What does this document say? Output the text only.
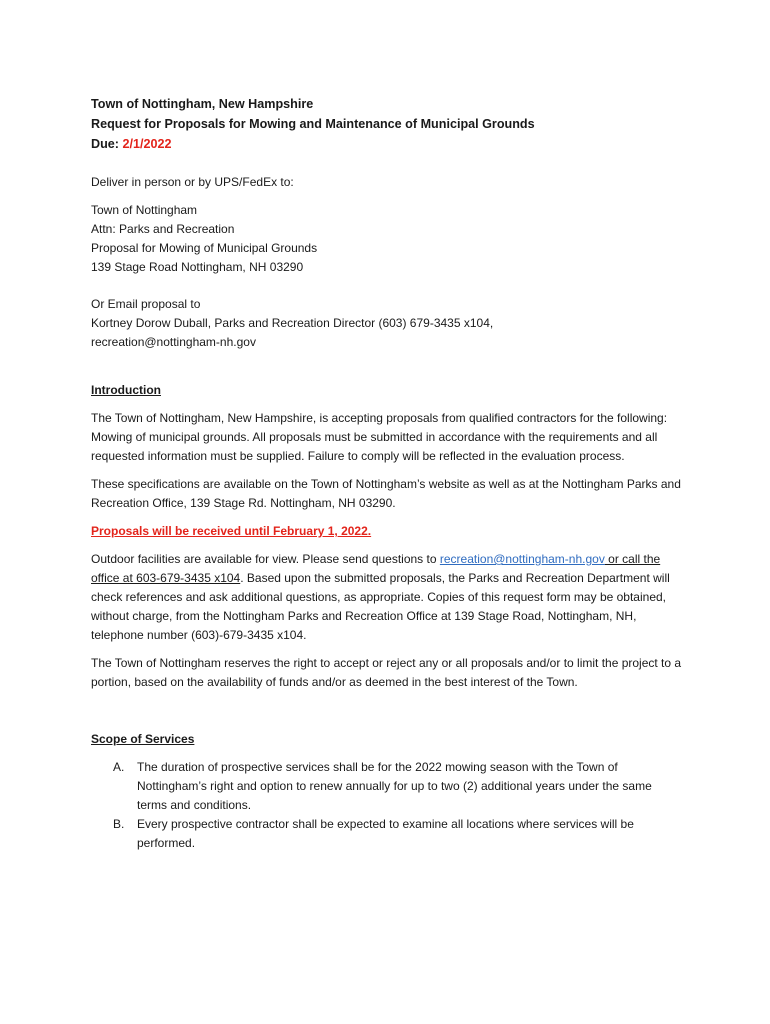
Town of Nottingham, New Hampshire
Request for Proposals for Mowing and Maintenance of Municipal Grounds
Due: 2/1/2022
Deliver in person or by UPS/FedEx to:
Town of Nottingham
Attn: Parks and Recreation
Proposal for Mowing of Municipal Grounds
139 Stage Road Nottingham, NH 03290
Or Email proposal to
Kortney Dorow Duball, Parks and Recreation Director (603) 679-3435 x104,
recreation@nottingham-nh.gov
Introduction

The Town of Nottingham, New Hampshire, is accepting proposals from qualified contractors for the following: Mowing of municipal grounds. All proposals must be submitted in accordance with the requirements and all requested information must be supplied. Failure to comply will be reflected in the evaluation process.

These specifications are available on the Town of Nottingham’s website as well as at the Nottingham Parks and Recreation Office, 139 Stage Rd. Nottingham, NH 03290.

Proposals will be received until February 1, 2022.

Outdoor facilities are available for view. Please send questions to recreation@nottingham-nh.gov or call the office at 603-679-3435 x104. Based upon the submitted proposals, the Parks and Recreation Department will check references and ask additional questions, as appropriate. Copies of this request form may be obtained, without charge, from the Nottingham Parks and Recreation Office at 139 Stage Road, Nottingham, NH, telephone number (603)-679-3435 x104.

The Town of Nottingham reserves the right to accept or reject any or all proposals and/or to limit the project to a portion, based on the availability of funds and/or as deemed in the best interest of the Town.

Scope of Services
A.	The duration of prospective services shall be for the 2022 mowing season with the Town of Nottingham’s right and option to renew annually for up to two (2) additional years under the same terms and conditions.
B.	Every prospective contractor shall be expected to examine all locations where services will be performed.
